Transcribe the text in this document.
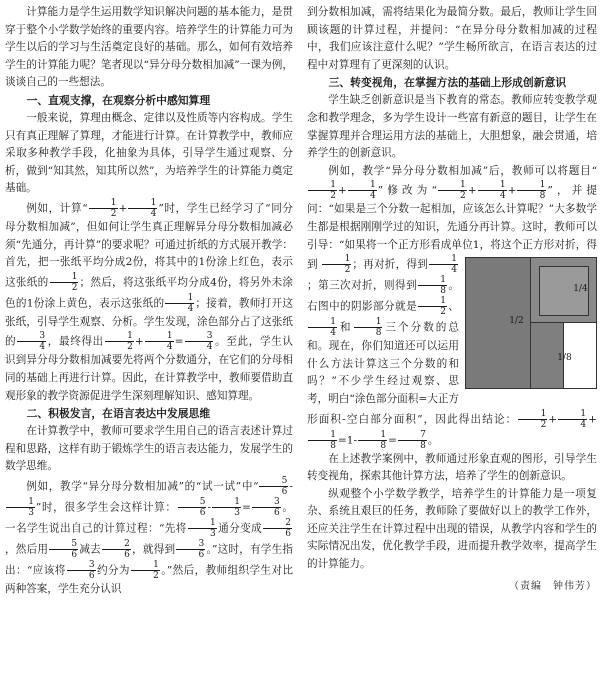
计算能力是学生运用数学知识解决问题的基本能力，是贯穿于整个小学数学始终的重要内容。培养学生的计算能力可为学生以后的学习与生活奠定良好的基础。那么，如何有效培养学生的计算能力呢？笔者现以“异分母分数相加减”一课为例，谈谈自己的一些想法。

一、直观支撑，在观察分析中感知算理

一般来说，算理由概念、定律以及性质等内容构成。学生只有真正理解了算理，才能进行计算。在计算教学中，教师应采取多种教学手段，化抽象为具体，引导学生通过观察、分析，做到“知其然，知其所以然”，为培养学生的计算能力奠定基础。

例如，计算“ $\frac{1}{2} + \frac{1}{4}$ ”时，学生已经学习了“同分母分数相加减”，但如何让学生真正理解异分母分数相加减必须“先通分，再计算”的要求呢？可通过折纸的方式展开教学：首先，把一张纸平均分成2份，将其中的1份涂上红色，表示这张纸的 $\frac{1}{2}$ ；然后，将这张纸平均分成4份，将另外未涂色的1份涂上黄色，表示这张纸的 $\frac{1}{4}$ ；接着，教师打开这张纸，引导学生观察、分析。学生发现，涂色部分占了这张纸的 $\frac{3}{4}$ ，最终得出 $\frac{1}{2} + \frac{1}{4} = \frac{3}{4}$ 。至此，学生认识到异分母分数相加减要先将两个分数通分，在它们的分母相同的基础上再进行计算。因此，在计算教学中，教师要借助直观形象的教学资源促进学生深刻理解知识、感知算理。

二、积极发言，在语言表达中发展思维

在计算教学中，教师可要求学生用自己的语言表述计算过程和思路，这样有助于锻炼学生的语言表达能力，发展学生的数学思维。

例如，教学“异分母分数相加减”的“试一试”中“ $\frac{5}{6}$ -
$\frac{1}{3}$ ”时，很多学生会这样计算： $\frac{5}{6} - \frac{1}{3} = \frac{3}{6}$ 。一名学生说出自己的计算过程：“先将 $\frac{1}{3}$ 通分变成 $\frac{2}{6}$
，然后用 $\frac{5}{6}$ 减去 $\frac{2}{6}$ ，就得到 $\frac{3}{6}$ 。”这时，有学生指出：“应该将 $\frac{3}{6}$ 约分为 $\frac{1}{2}$ 。”然后，教师组织学生对比两种答案，学生充分认识

到分数相加减，需将结果化为最简分数。最后，教师让学生回顾该题的计算过程，并提问：“在异分母分数相加减的过程中，我们应该注意什么呢？”学生畅所欲言，在语言表达的过程中对算理有了更深刻的认识。

三、转变视角，在掌握方法的基础上形成创新意识

学生缺乏创新意识是当下教育的常态。教师应转变教学观念和教学理念，多为学生设计一些富有新意的题目，让学生在掌握算理并合理运用方法的基础上，大胆想象，融会贯通，培养学生的创新意识。

例如，教学“异分母分数相加减”后，教师可以将题目“
$\frac{1}{2} + \frac{1}{4}$ ”修改为“ $\frac{1}{2} + \frac{1}{4} + \frac{1}{8}$ ”，并提问：“如果是三个分数一起相加，应该怎么计算呢？”大多数学生都是根据刚刚学过的知识，先通分再计算。这时，教师可以引导：“如果将一个正方形看成单位1，将这个正方形对折，得到
1/2
1/4
1/8
$\frac{1}{2}$ ；再对折，得到 $\frac{1}{4}$
；第三次对折，则得到 $\frac{1}{8}$ 。右图中的阴影部分就是 $\frac{1}{2}$ 、
$\frac{1}{4}$ 和 $\frac{1}{8}$ 三个分数的总和。现在，你们知道还可以运用什么方法计算这三个分数的和吗？”不少学生经过观察、思考，明白“涂色部分面积=大正方形面积-空白部分面积”，因此得出结论： $\frac{1}{2} + \frac{1}{4}$ +
$\frac{1}{8} =1- \frac{1}{8} = \frac{7}{8}$ 。

在上述教学案例中，教师通过形象直观的图形，引导学生转变视角，探索其他计算方法，培养了学生的创新意识。

纵观整个小学数学教学，培养学生的计算能力是一项复杂、系统且艰巨的任务，教师除了要做好以上的教学工作外，还应关注学生在计算过程中出现的错误，从教学内容和学生的实际情况出发，优化教学手段，进而提升教学效率，提高学生的计算能力。

（责编　钟伟芳）
